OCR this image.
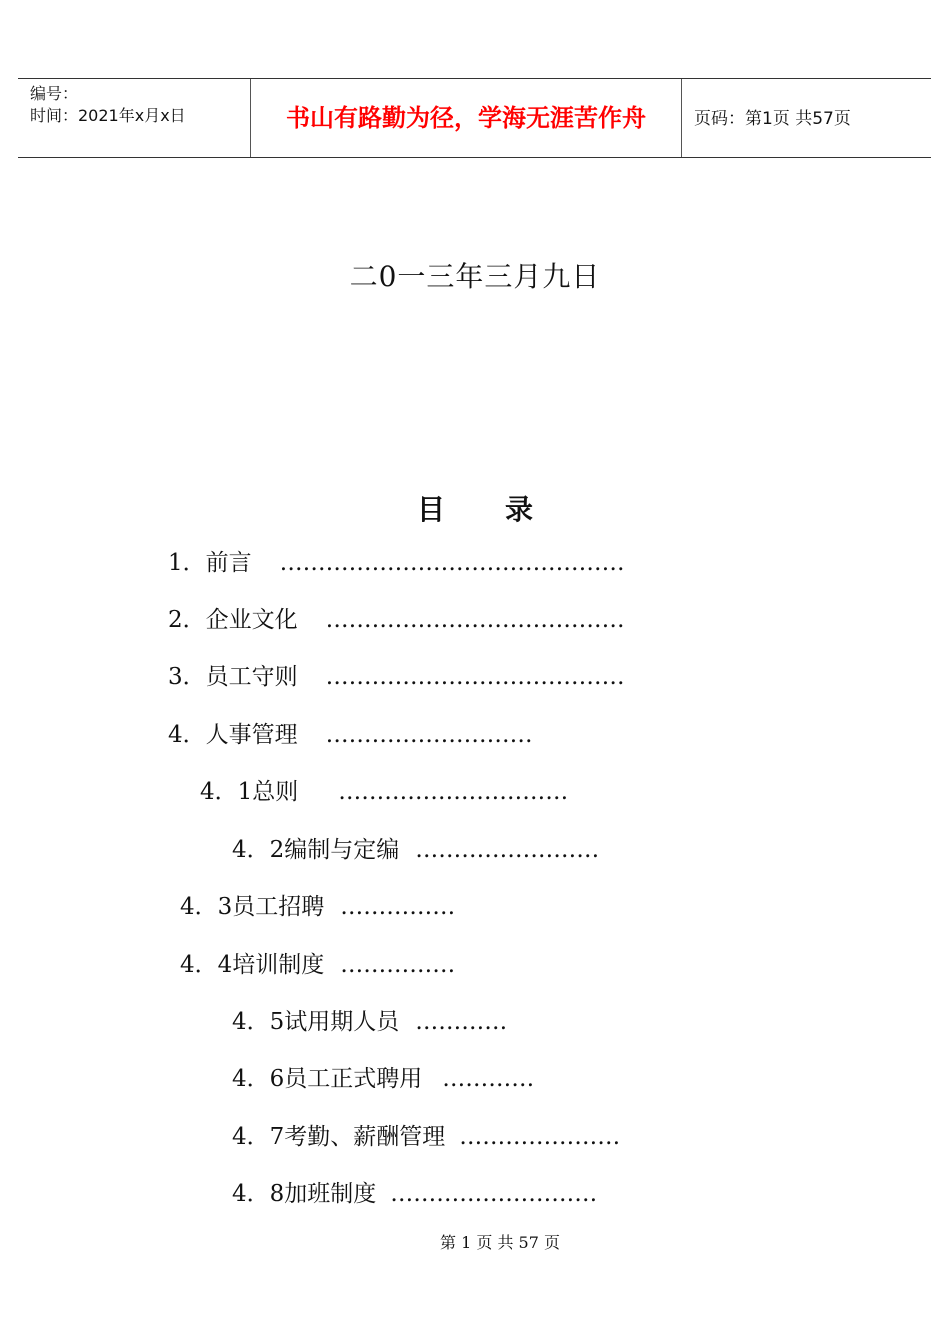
编号：
时间：2021年x月x日	书山有路勤为径，学海无涯苦作舟	页码：第1页 共57页
二0一三年三月九日
目 录
1．前言 ………………………………………
2．企业文化 …………………………………
3．员工守则 …………………………………
4．人事管理 ………………………
4．1总则 …………………………
4．2编制与定编 ……………………
4．3员工招聘 ……………
4．4培训制度 ……………
4．5试用期人员 …………
4．6员工正式聘用 …………
4．7考勤、薪酬管理 …………………
4．8加班制度 ………………………
第 1 页 共 57 页
